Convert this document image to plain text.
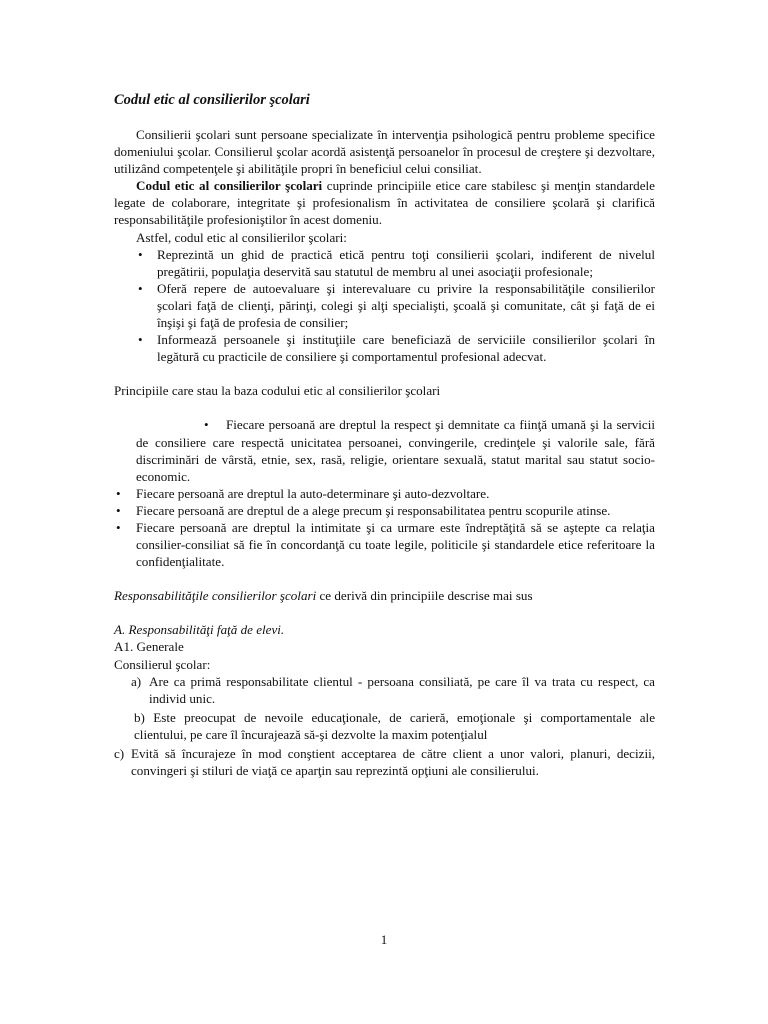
Codul etic al consilierilor şcolari

Consilierii şcolari sunt persoane specializate în intervenţia psihologică pentru probleme specifice domeniului şcolar. Consilierul şcolar acordă asistenţă persoanelor în procesul de creştere şi dezvoltare, utilizând competenţele şi abilităţile propri în beneficiul celui consiliat.

Codul etic al consilierilor şcolari cuprinde principiile etice care stabilesc şi menţin standardele legate de colaborare, integritate şi profesionalism în activitatea de consiliere şcolară şi clarifică responsabilităţile profesioniştilor în acest domeniu.

Astfel, codul etic al consilierilor şcolari:

• Reprezintă un ghid de practică etică pentru toţi consilierii şcolari, indiferent de nivelul pregătirii, populaţia deservită sau statutul de membru al unei asociaţii profesionale;
• Oferă repere de autoevaluare şi interevaluare cu privire la responsabilităţile consilierilor şcolari faţă de clienţi, părinţi, colegi şi alţi specialişti, şcoală şi comunitate, cât şi faţă de ei înşişi şi faţă de profesia de consilier;
• Informează persoanele şi instituţiile care beneficiază de serviciile consilierilor şcolari în legătură cu practicile de consiliere şi comportamentul profesional adecvat.

Principiile care stau la baza codului etic al consilierilor şcolari

• Fiecare persoană are dreptul la respect şi demnitate ca fiinţă umană şi la servicii de consiliere care respectă unicitatea persoanei, convingerile, credinţele şi valorile sale, fără discriminări de vârstă, etnie, sex, rasă, religie, orientare sexuală, statut marital sau statut socio-economic.

• Fiecare persoană are dreptul la auto-determinare şi auto-dezvoltare.
• Fiecare persoană are dreptul de a alege precum şi responsabilitatea pentru scopurile atinse.
• Fiecare persoană are dreptul la intimitate şi ca urmare este îndreptăţită să se aştepte ca relaţia consilier-consiliat să fie în concordanţă cu toate legile, politicile şi standardele etice referitoare la confidenţialitate.

Responsabilităţile consilierilor şcolari ce derivă din principiile descrise mai sus

A. Responsabilităţi faţă de elevi.

A1. Generale

Consilierul şcolar:

a) Are ca primă responsabilitate clientul - persoana consiliată, pe care îl va trata cu respect, ca individ unic.

b) Este preocupat de nevoile educaţionale, de carieră, emoţionale şi comportamentale ale clientului, pe care îl încurajează să-şi dezvolte la maxim potenţialul

c) Evită să încurajeze în mod conştient acceptarea de către client a unor valori, planuri, decizii, convingeri şi stiluri de viaţă ce aparţin sau reprezintă opţiuni ale consilierului.

1
